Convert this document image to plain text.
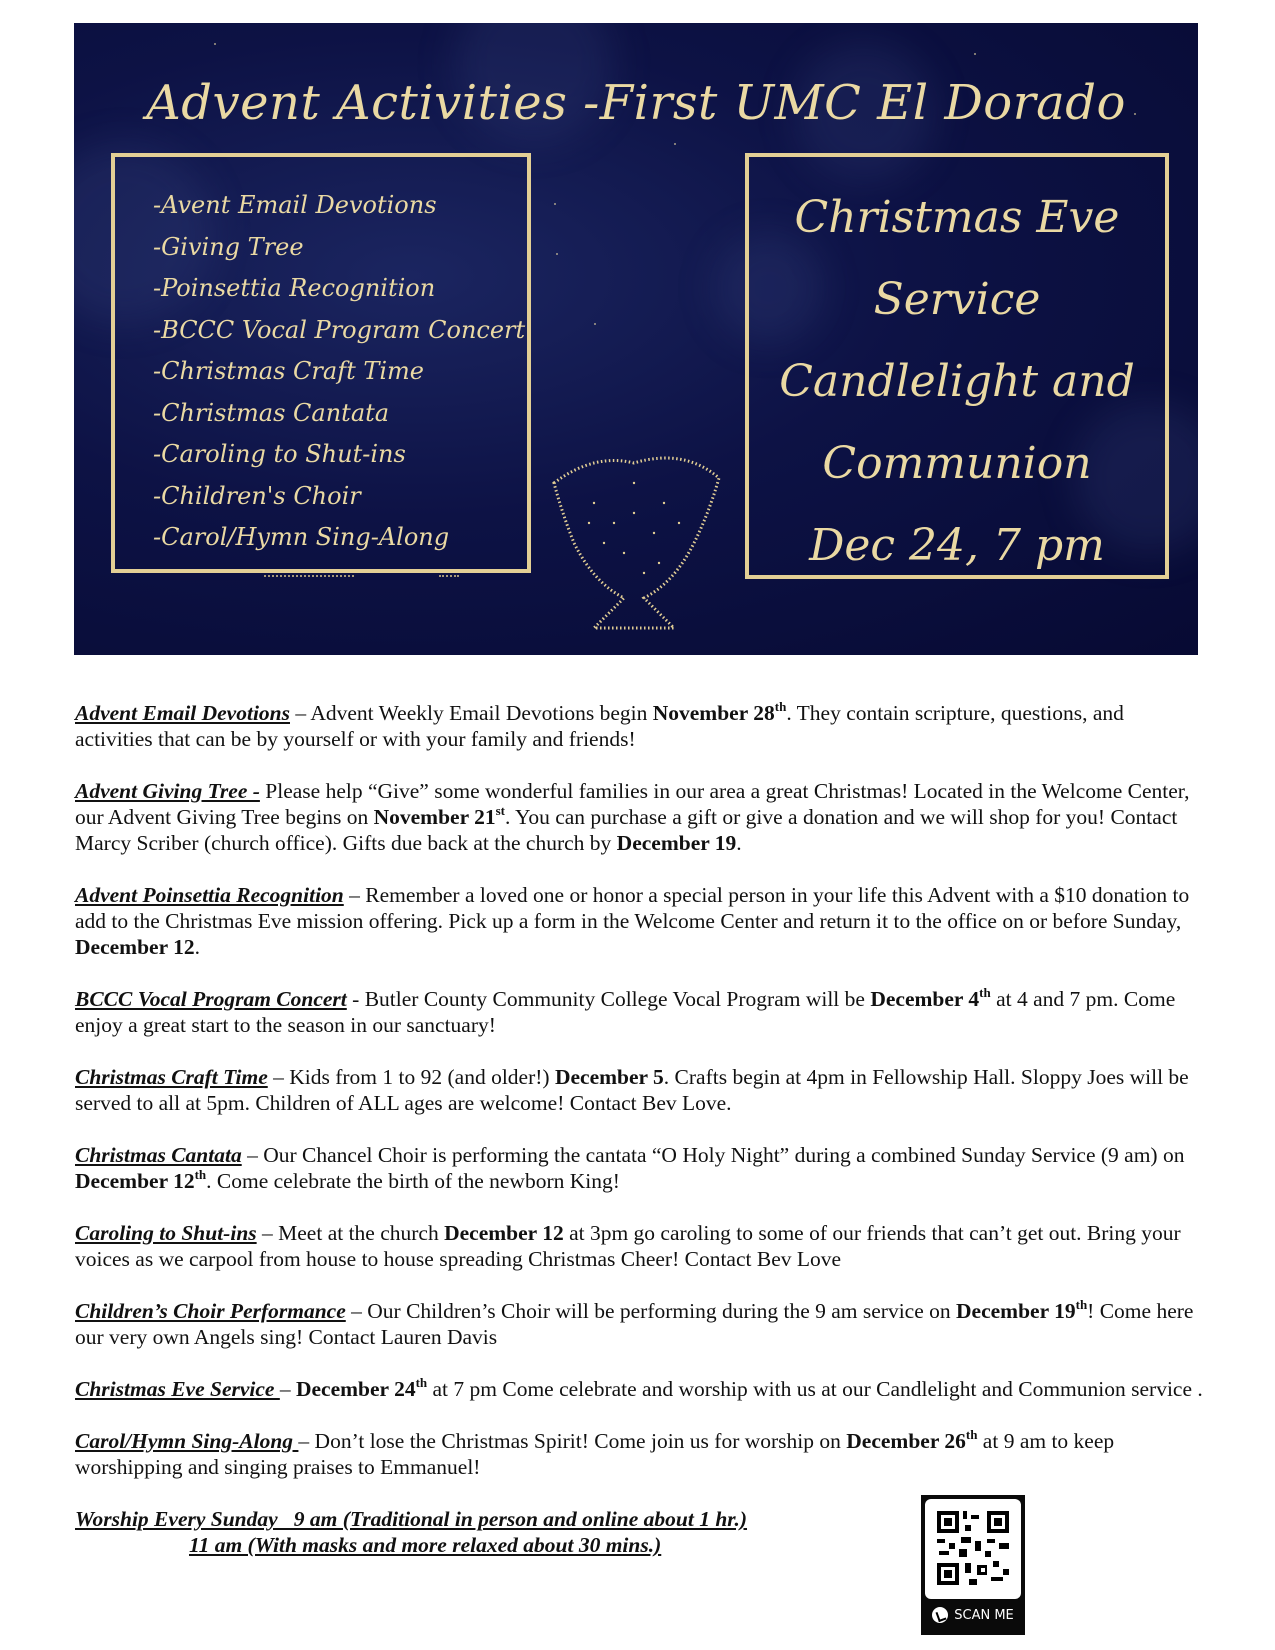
Advent Activities -First UMC El Dorado
-Avent Email Devotions
-Giving Tree
-Poinsettia Recognition
-BCCC Vocal Program Concert
-Christmas Craft Time
-Christmas Cantata
-Caroling to Shut-ins
-Children's Choir
-Carol/Hymn Sing-Along
Christmas Eve
Service
Candlelight and
Communion
Dec 24, 7 pm

Advent Email Devotions – Advent Weekly Email Devotions begin November 28th. They contain scripture, questions, and activities that can be by yourself or with your family and friends!

Advent Giving Tree - Please help “Give” some wonderful families in our area a great Christmas! Located in the Welcome Center, our Advent Giving Tree begins on November 21st. You can purchase a gift or give a donation and we will shop for you! Contact Marcy Scriber (church office). Gifts due back at the church by December 19.

Advent Poinsettia Recognition – Remember a loved one or honor a special person in your life this Advent with a $10 donation to add to the Christmas Eve mission offering. Pick up a form in the Welcome Center and return it to the office on or before Sunday, December 12.

BCCC Vocal Program Concert - Butler County Community College Vocal Program will be December 4th at 4 and 7 pm. Come enjoy a great start to the season in our sanctuary!

Christmas Craft Time – Kids from 1 to 92 (and older!) December 5. Crafts begin at 4pm in Fellowship Hall. Sloppy Joes will be served to all at 5pm. Children of ALL ages are welcome! Contact Bev Love.

Christmas Cantata – Our Chancel Choir is performing the cantata “O Holy Night” during a combined Sunday Service (9 am) on December 12th. Come celebrate the birth of the newborn King!

Caroling to Shut-ins – Meet at the church December 12 at 3pm go caroling to some of our friends that can’t get out. Bring your voices as we carpool from house to house spreading Christmas Cheer! Contact Bev Love

Children’s Choir Performance – Our Children’s Choir will be performing during the 9 am service on December 19th! Come here our very own Angels sing! Contact Lauren Davis

Christmas Eve Service – December 24th at 7 pm Come celebrate and worship with us at our Candlelight and Communion service .

Carol/Hymn Sing-Along – Don’t lose the Christmas Spirit! Come join us for worship on December 26th at 9 am to keep worshipping and singing praises to Emmanuel!

Worship Every Sunday   9 am (Traditional in person and online about 1 hr.)
11 am (With masks and more relaxed about 30 mins.)
SCAN ME
